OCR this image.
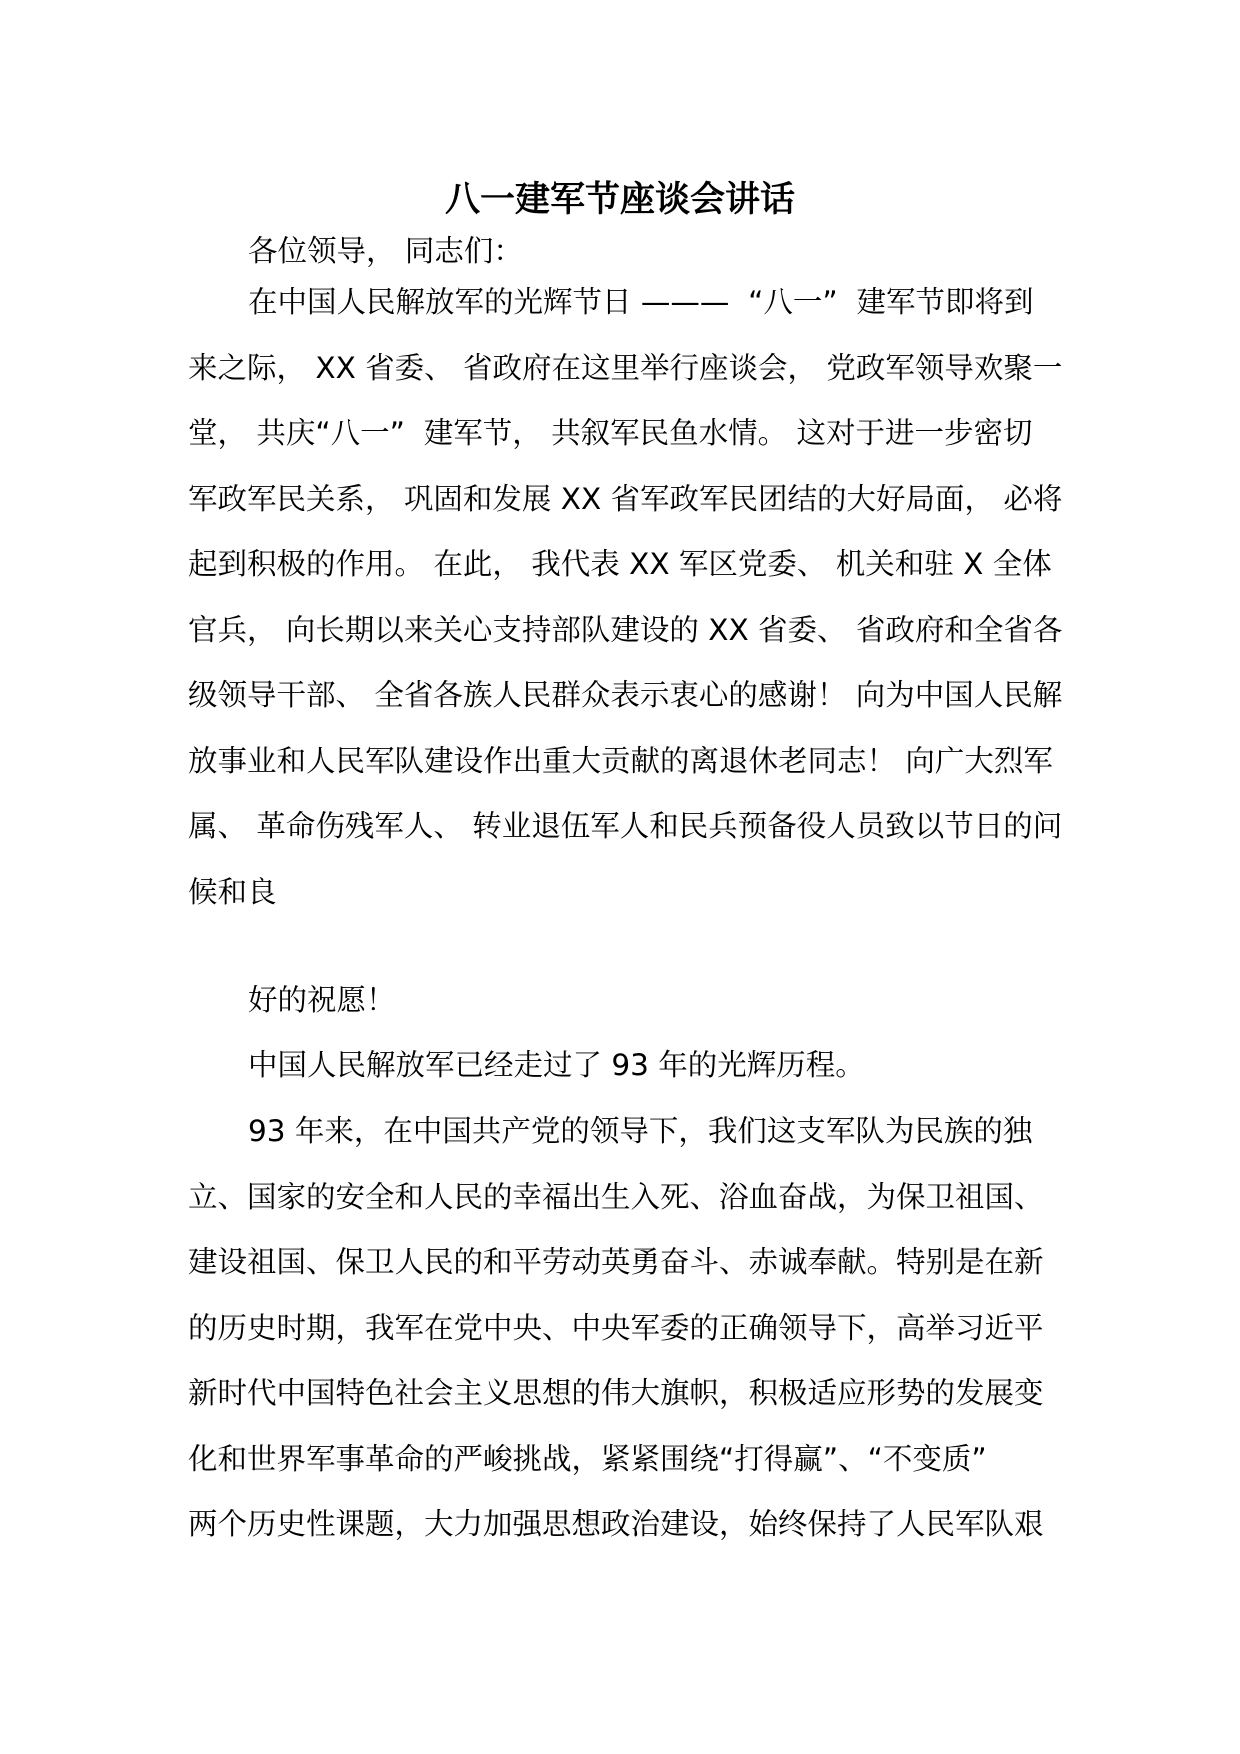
八一建军节座谈会讲话

各位领导， 同志们：

在中国人民解放军的光辉节日 ———  “八一”  建军节即将到
来之际， XX 省委、 省政府在这里举行座谈会， 党政军领导欢聚一
堂， 共庆“八一”  建军节， 共叙军民鱼水情。 这对于进一步密切
军政军民关系， 巩固和发展 XX 省军政军民团结的大好局面， 必将
起到积极的作用。 在此， 我代表 XX 军区党委、 机关和驻 X 全体
官兵， 向长期以来关心支持部队建设的 XX 省委、 省政府和全省各
级领导干部、 全省各族人民群众表示衷心的感谢！ 向为中国人民解
放事业和人民军队建设作出重大贡献的离退休老同志！ 向广大烈军
属、 革命伤残军人、 转业退伍军人和民兵预备役人员致以节日的问
候和良

好的祝愿！

中国人民解放军已经走过了 93 年的光辉历程。

93 年来，在中国共产党的领导下，我们这支军队为民族的独
立、国家的安全和人民的幸福出生入死、浴血奋战，为保卫祖国、
建设祖国、保卫人民的和平劳动英勇奋斗、赤诚奉献。特别是在新
的历史时期，我军在党中央、中央军委的正确领导下，高举习近平
新时代中国特色社会主义思想的伟大旗帜，积极适应形势的发展变
化和世界军事革命的严峻挑战，紧紧围绕“打得赢”、“不变质”
两个历史性课题，大力加强思想政治建设，始终保持了人民军队艰
